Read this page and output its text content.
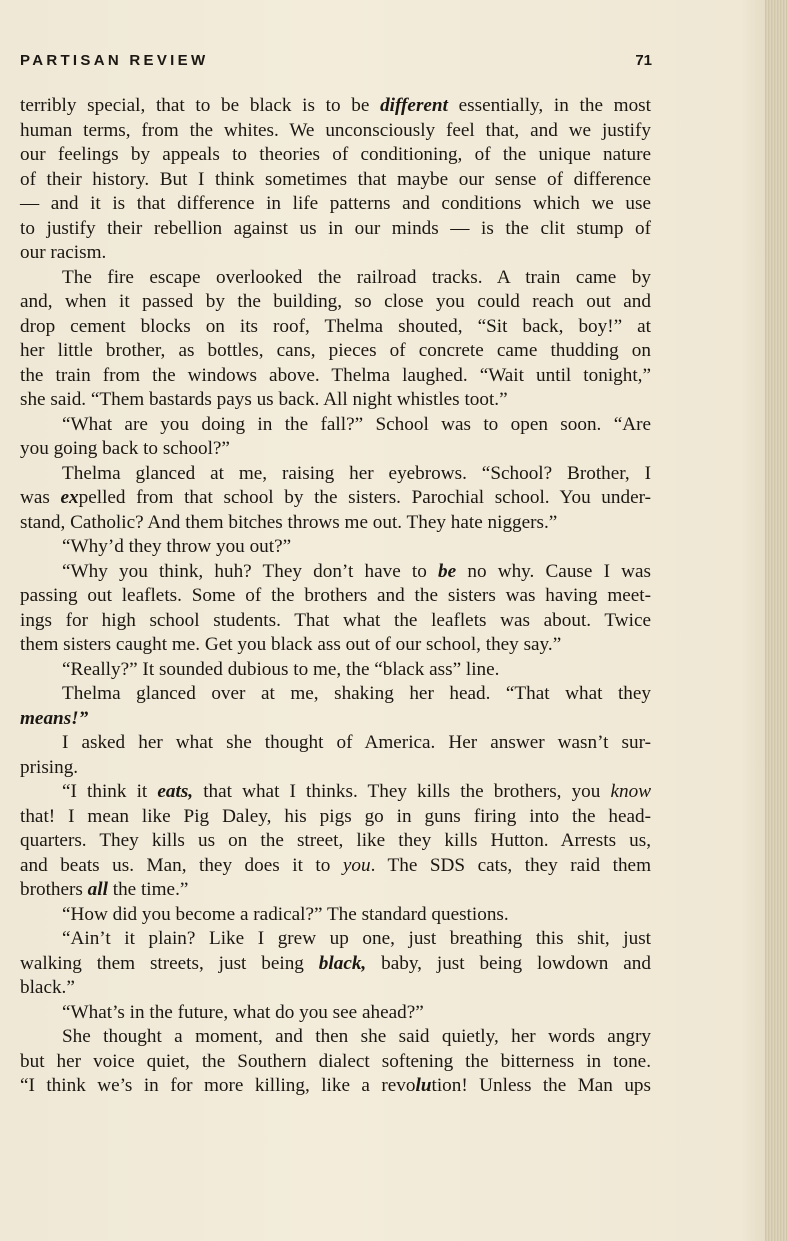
PARTISAN REVIEW	71
terribly special, that to be black is to be different essentially, in the most
human terms, from the whites. We unconsciously feel that, and we justify
our feelings by appeals to theories of conditioning, of the unique nature
of their history. But I think sometimes that maybe our sense of difference
— and it is that difference in life patterns and conditions which we use
to justify their rebellion against us in our minds — is the clit stump of
our racism.
The fire escape overlooked the railroad tracks. A train came by
and, when it passed by the building, so close you could reach out and
drop cement blocks on its roof, Thelma shouted, “Sit back, boy!” at
her little brother, as bottles, cans, pieces of concrete came thudding on
the train from the windows above. Thelma laughed. “Wait until tonight,”
she said. “Them bastards pays us back. All night whistles toot.”
“What are you doing in the fall?” School was to open soon. “Are
you going back to school?”
Thelma glanced at me, raising her eyebrows. “School? Brother, I
was expelled from that school by the sisters. Parochial school. You under-
stand, Catholic? And them bitches throws me out. They hate niggers.”
“Why’d they throw you out?”
“Why you think, huh? They don’t have to be no why. Cause I was
passing out leaflets. Some of the brothers and the sisters was having meet-
ings for high school students. That what the leaflets was about. Twice
them sisters caught me. Get you black ass out of our school, they say.”
“Really?” It sounded dubious to me, the “black ass” line.
Thelma glanced over at me, shaking her head. “That what they
means!”
I asked her what she thought of America. Her answer wasn’t sur-
prising.
“I think it eats, that what I thinks. They kills the brothers, you know
that! I mean like Pig Daley, his pigs go in guns firing into the head-
quarters. They kills us on the street, like they kills Hutton. Arrests us,
and beats us. Man, they does it to you. The SDS cats, they raid them
brothers all the time.”
“How did you become a radical?” The standard questions.
“Ain’t it plain? Like I grew up one, just breathing this shit, just
walking them streets, just being black, baby, just being lowdown and
black.”
“What’s in the future, what do you see ahead?”
She thought a moment, and then she said quietly, her words angry
but her voice quiet, the Southern dialect softening the bitterness in tone.
“I think we’s in for more killing, like a revolution! Unless the Man ups
